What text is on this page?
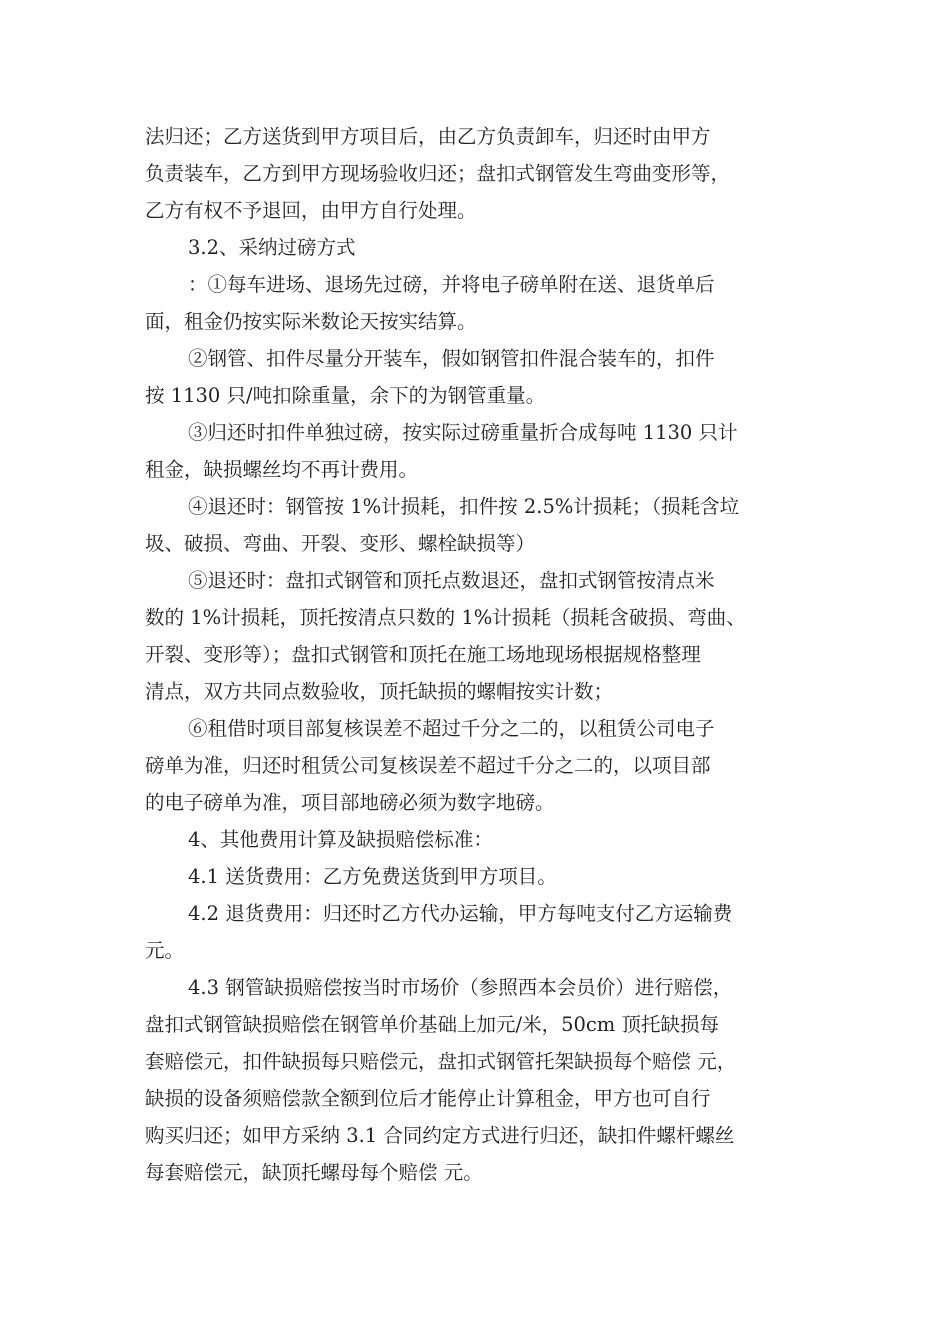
法归还；乙方送货到甲方项目后，由乙方负责卸车，归还时由甲方

负责装车，乙方到甲方现场验收归还；盘扣式钢管发生弯曲变形等，

乙方有权不予退回，由甲方自行处理。

3.2、采纳过磅方式

：①每车进场、退场先过磅，并将电子磅单附在送、退货单后

面，租金仍按实际米数论天按实结算。

②钢管、扣件尽量分开装车，假如钢管扣件混合装车的，扣件

按 1130 只/吨扣除重量，余下的为钢管重量。

③归还时扣件单独过磅，按实际过磅重量折合成每吨 1130 只计

租金，缺损螺丝均不再计费用。

④退还时：钢管按 1%计损耗，扣件按 2.5%计损耗；（损耗含垃

圾、破损、弯曲、开裂、变形、螺栓缺损等）

⑤退还时：盘扣式钢管和顶托点数退还，盘扣式钢管按清点米

数的 1%计损耗，顶托按清点只数的 1%计损耗（损耗含破损、弯曲、

开裂、变形等）；盘扣式钢管和顶托在施工场地现场根据规格整理

清点，双方共同点数验收，顶托缺损的螺帽按实计数；

⑥租借时项目部复核误差不超过千分之二的，以租赁公司电子

磅单为准，归还时租赁公司复核误差不超过千分之二的，以项目部

的电子磅单为准，项目部地磅必须为数字地磅。

4、其他费用计算及缺损赔偿标准：

4.1 送货费用：乙方免费送货到甲方项目。

4.2 退货费用：归还时乙方代办运输，甲方每吨支付乙方运输费

元。

4.3 钢管缺损赔偿按当时市场价（参照西本会员价）进行赔偿，

盘扣式钢管缺损赔偿在钢管单价基础上加元/米，50cm 顶托缺损每

套赔偿元，扣件缺损每只赔偿元，盘扣式钢管托架缺损每个赔偿 元，

缺损的设备须赔偿款全额到位后才能停止计算租金，甲方也可自行

购买归还；如甲方采纳 3.1 合同约定方式进行归还，缺扣件螺杆螺丝

每套赔偿元，缺顶托螺母每个赔偿 元。
